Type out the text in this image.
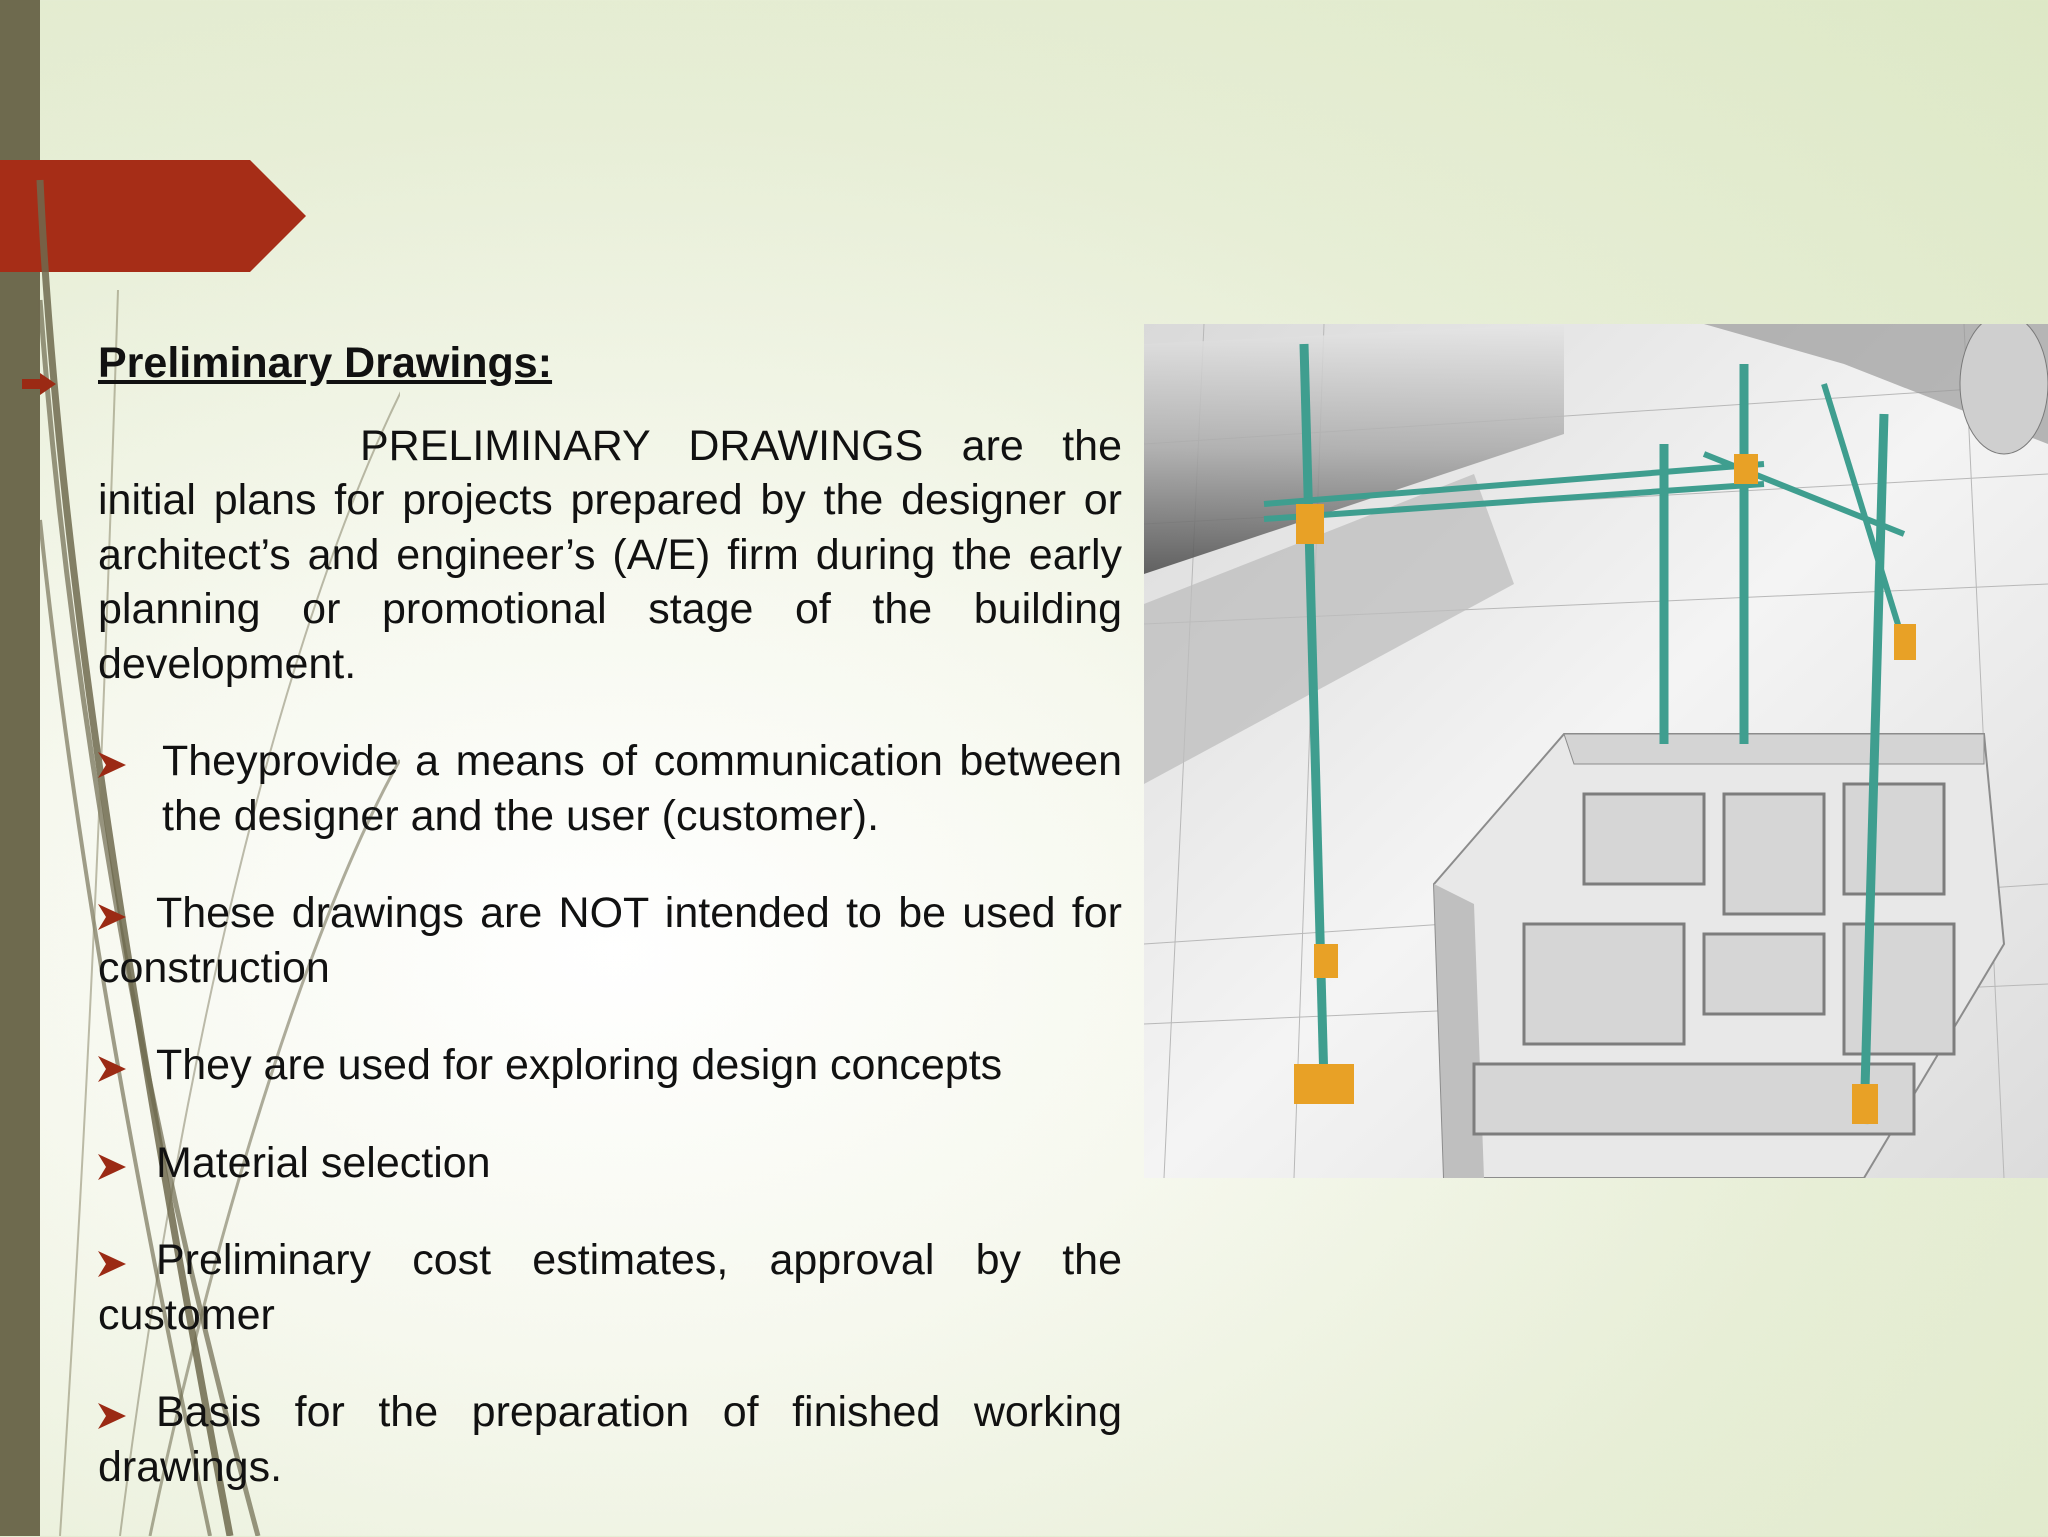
Preliminary Drawings:

PRELIMINARY DRAWINGS are the initial plans for projects prepared by the designer or architect’s and engineer’s (A/E) firm during the early planning or promotional stage of the building development.

Theyprovide a means of communication between the designer and the user (customer).

These drawings are NOT intended to be used for construction

They are used for exploring design concepts

Material selection

Preliminary cost estimates, approval by the customer

Basis for the preparation of finished working drawings.
